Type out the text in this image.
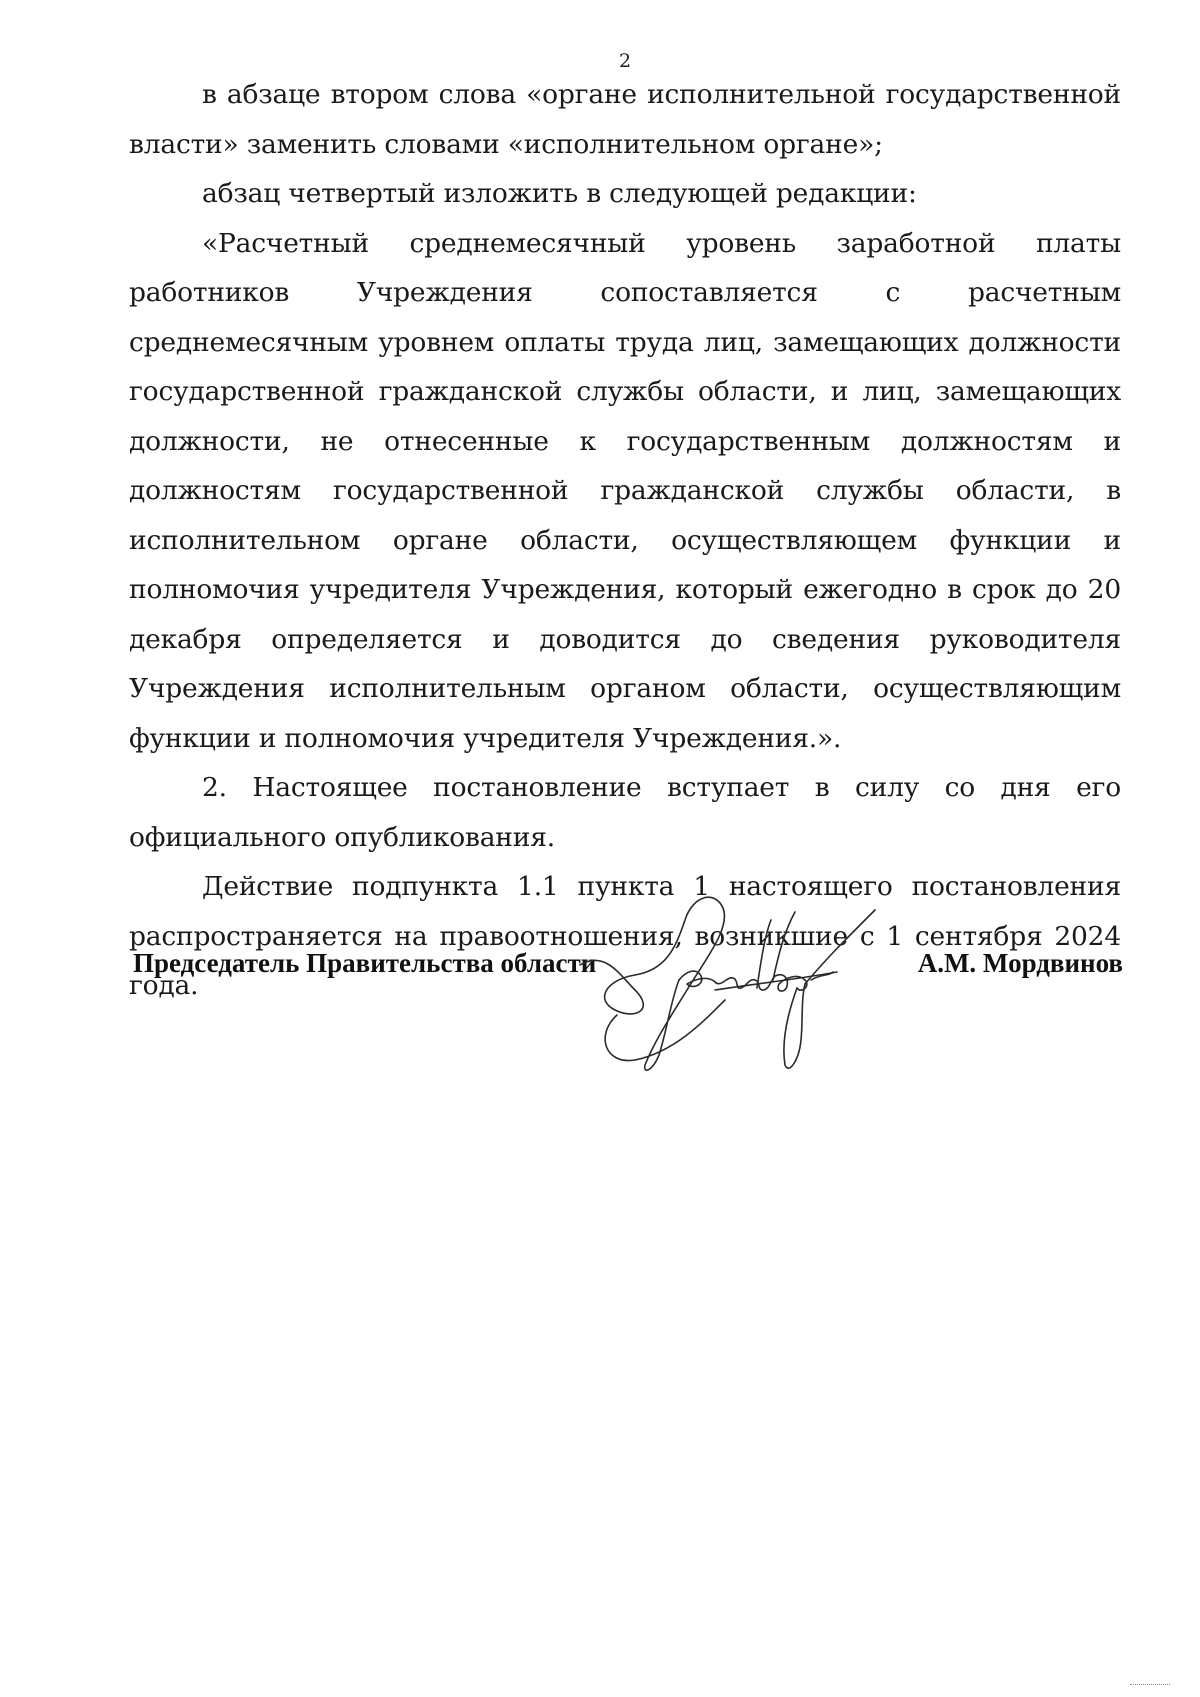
2

в абзаце втором слова «органе исполнительной государственной власти» заменить словами «исполнительном органе»;

абзац четвертый изложить в следующей редакции:

«Расчетный среднемесячный уровень заработной платы работников Учреждения сопоставляется с расчетным среднемесячным уровнем оплаты труда лиц, замещающих должности государственной гражданской службы области, и лиц, замещающих должности, не отнесенные к государственным должностям и должностям государственной гражданской службы области, в исполнительном органе области, осуществляющем функции и полномочия учредителя Учреждения, который ежегодно в срок до 20 декабря определяется и доводится до сведения руководителя Учреждения исполнительным органом области, осуществляющим функции и полномочия учредителя Учреждения.».

2. Настоящее постановление вступает в силу со дня его официального опубликования.

Действие подпункта 1.1 пункта 1 настоящего постановления распространяется на правоотношения, возникшие с 1 сентября 2024 года.

Председатель Правительства области	А.М. Мордвинов
